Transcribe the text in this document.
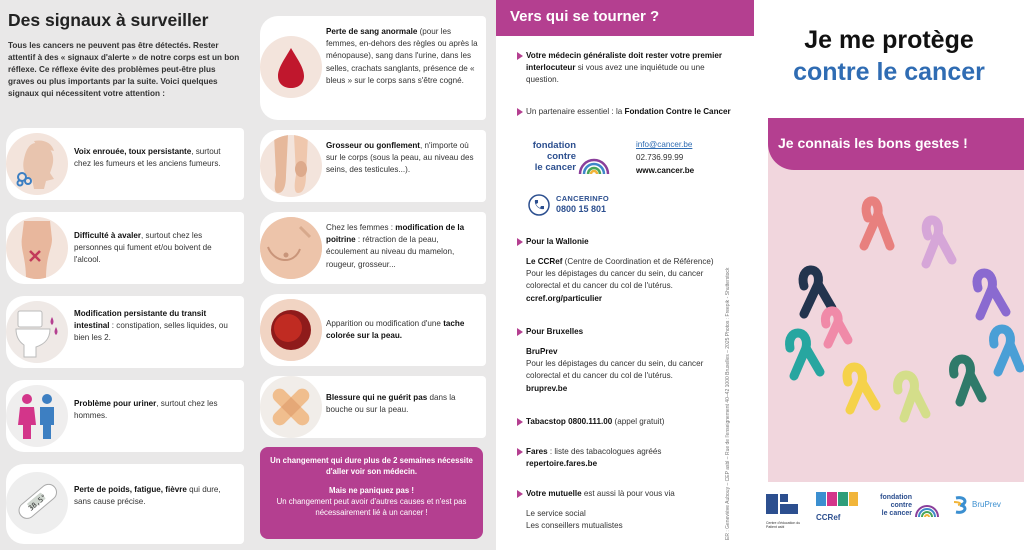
Des signaux à surveiller

Tous les cancers ne peuvent pas être détectés. Rester attentif à des « signaux d'alerte » de notre corps est un bon réflexe. Ce réflexe évite des problèmes peut-être plus graves ou plus importants par la suite. Voici quelques signaux qui nécessitent votre attention :

Voix enrouée, toux persistante, surtout chez les fumeurs et les anciens fumeurs.
Difficulté à avaler, surtout chez les personnes qui fument et/ou boivent de l'alcool.
Modification persistante du transit intestinal : constipation, selles liquides, ou bien les 2.
Problème pour uriner, surtout chez les hommes.
38,5°
Perte de poids, fatigue, fièvre qui dure, sans cause précise.
Perte de sang anormale (pour les femmes, en-dehors des règles ou après la ménopause), sang dans l'urine, dans les selles, crachats sanglants, présence de « bleus » sur le corps sans s'être cogné.
Grosseur ou gonflement, n'importe où sur le corps (sous la peau, au niveau des seins, des testicules...).
Chez les femmes : modification de la poitrine : rétraction de la peau, écoulement au niveau du mamelon, rougeur, grosseur...
Apparition ou modification d'une tache colorée sur la peau.
Blessure qui ne guérit pas dans la bouche ou sur la peau.
Un changement qui dure plus de 2 semaines nécessite d'aller voir son médecin.
Mais ne paniquez pas !
Un changement peut avoir d'autres causes et n'est pas nécessairement lié à un cancer !
Vers qui se tourner ?
Votre médecin généraliste doit rester votre premier interlocuteur si vous avez une inquiétude ou une question.
Un partenaire essentiel : la Fondation Contre le Cancer
fondation
contre
le cancer
info@cancer.be
02.736.99.99
www.cancer.be
CANCERINFO
0800 15 801
Pour la Wallonie
Le CCRef (Centre de Coordination et de Référence)
Pour les dépistages du cancer du sein, du cancer colorectal et du cancer du col de l'utérus.
ccref.org/particulier
Pour Bruxelles
BruPrev
Pour les dépistages du cancer du sein, du cancer colorectal et du cancer du col de l'utérus.
bruprev.be
Tabacstop 0800.111.00 (appel gratuit)
Fares : liste des tabacologues agréés
repertoire.fares.be
Votre mutuelle est aussi là pour vous via

Le service social
Les conseillers mutualistes	ER : Geneviève Aubouy – CEP asbl – Rue de l'enseignement 40–42 1000 Bruxelles – 2025 Photos : Freepik - Shutterstock
Je me protège
contre le cancer
Je connais les bons gestes !
Centre d'éducation du Patient asbl
CCRef
fondation
contre
le cancer
BruPrev
